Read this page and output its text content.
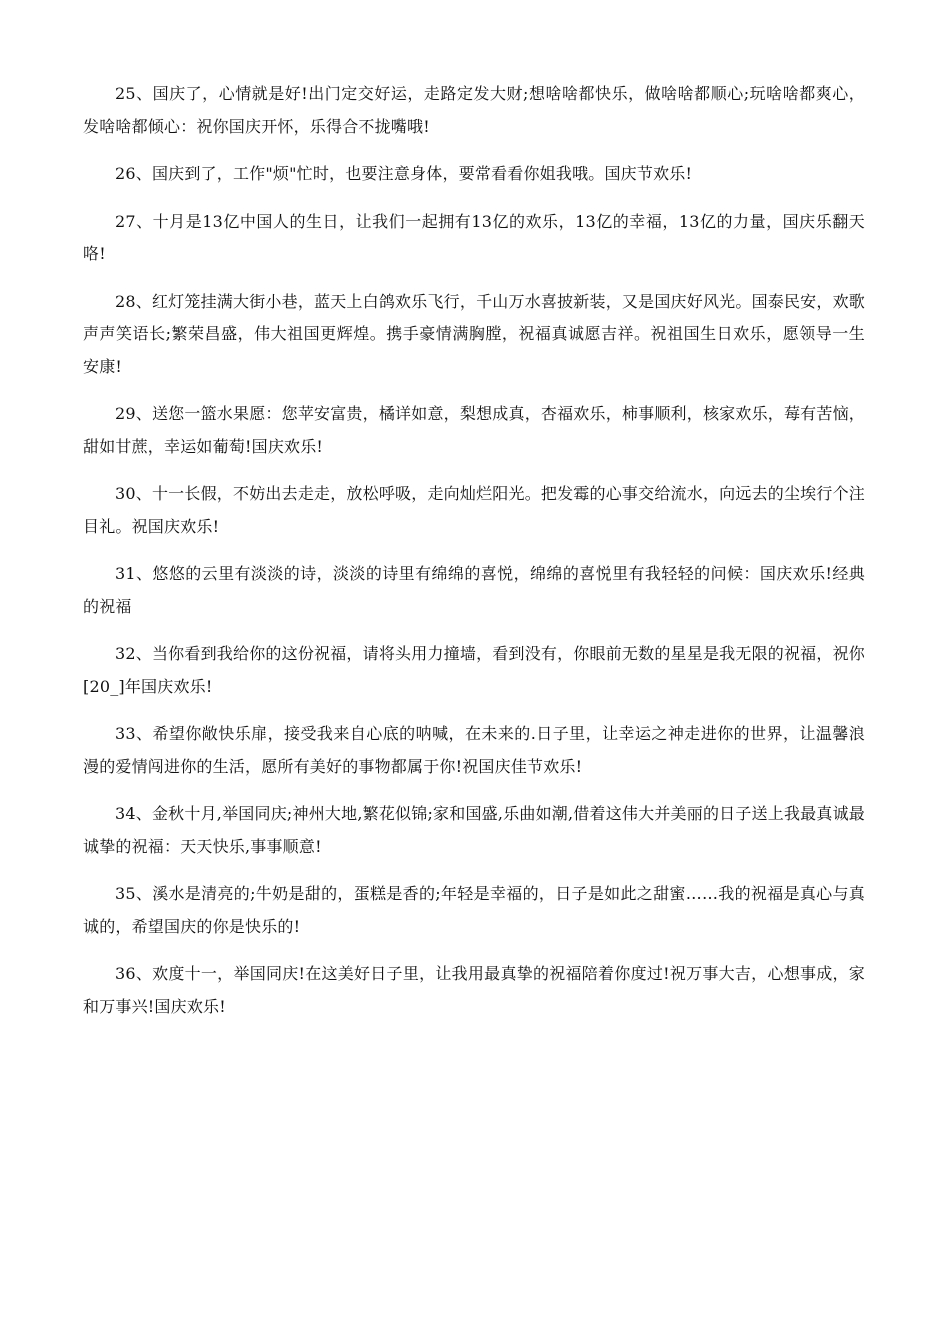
25、国庆了，心情就是好!出门定交好运，走路定发大财;想啥啥都快乐，做啥啥都顺心;玩啥啥都爽心，发啥啥都倾心：祝你国庆开怀，乐得合不拢嘴哦!

26、国庆到了，工作"烦"忙时，也要注意身体，要常看看你姐我哦。国庆节欢乐!

27、十月是13亿中国人的生日，让我们一起拥有13亿的欢乐，13亿的幸福，13亿的力量，国庆乐翻天咯!

28、红灯笼挂满大街小巷，蓝天上白鸽欢乐飞行，千山万水喜披新装，又是国庆好风光。国泰民安，欢歌声声笑语长;繁荣昌盛，伟大祖国更辉煌。携手豪情满胸膛，祝福真诚愿吉祥。祝祖国生日欢乐，愿领导一生安康!

29、送您一篮水果愿：您苹安富贵，橘详如意，梨想成真，杏福欢乐，柿事顺利，核家欢乐，莓有苦恼，甜如甘蔗，幸运如葡萄!国庆欢乐!

30、十一长假，不妨出去走走，放松呼吸，走向灿烂阳光。把发霉的心事交给流水，向远去的尘埃行个注目礼。祝国庆欢乐!

31、悠悠的云里有淡淡的诗，淡淡的诗里有绵绵的喜悦，绵绵的喜悦里有我轻轻的问候：国庆欢乐!经典的祝福

32、当你看到我给你的这份祝福，请将头用力撞墙，看到没有，你眼前无数的星星是我无限的祝福，祝你[20_]年国庆欢乐!

33、希望你敞快乐扉，接受我来自心底的呐喊，在未来的.日子里，让幸运之神走进你的世界，让温馨浪漫的爱情闯进你的生活，愿所有美好的事物都属于你!祝国庆佳节欢乐!

34、金秋十月,举国同庆;神州大地,繁花似锦;家和国盛,乐曲如潮,借着这伟大并美丽的日子送上我最真诚最诚挚的祝福：天天快乐,事事顺意!

35、溪水是清亮的;牛奶是甜的，蛋糕是香的;年轻是幸福的，日子是如此之甜蜜……我的祝福是真心与真诚的，希望国庆的你是快乐的!

36、欢度十一，举国同庆!在这美好日子里，让我用最真挚的祝福陪着你度过!祝万事大吉，心想事成，家和万事兴!国庆欢乐!
